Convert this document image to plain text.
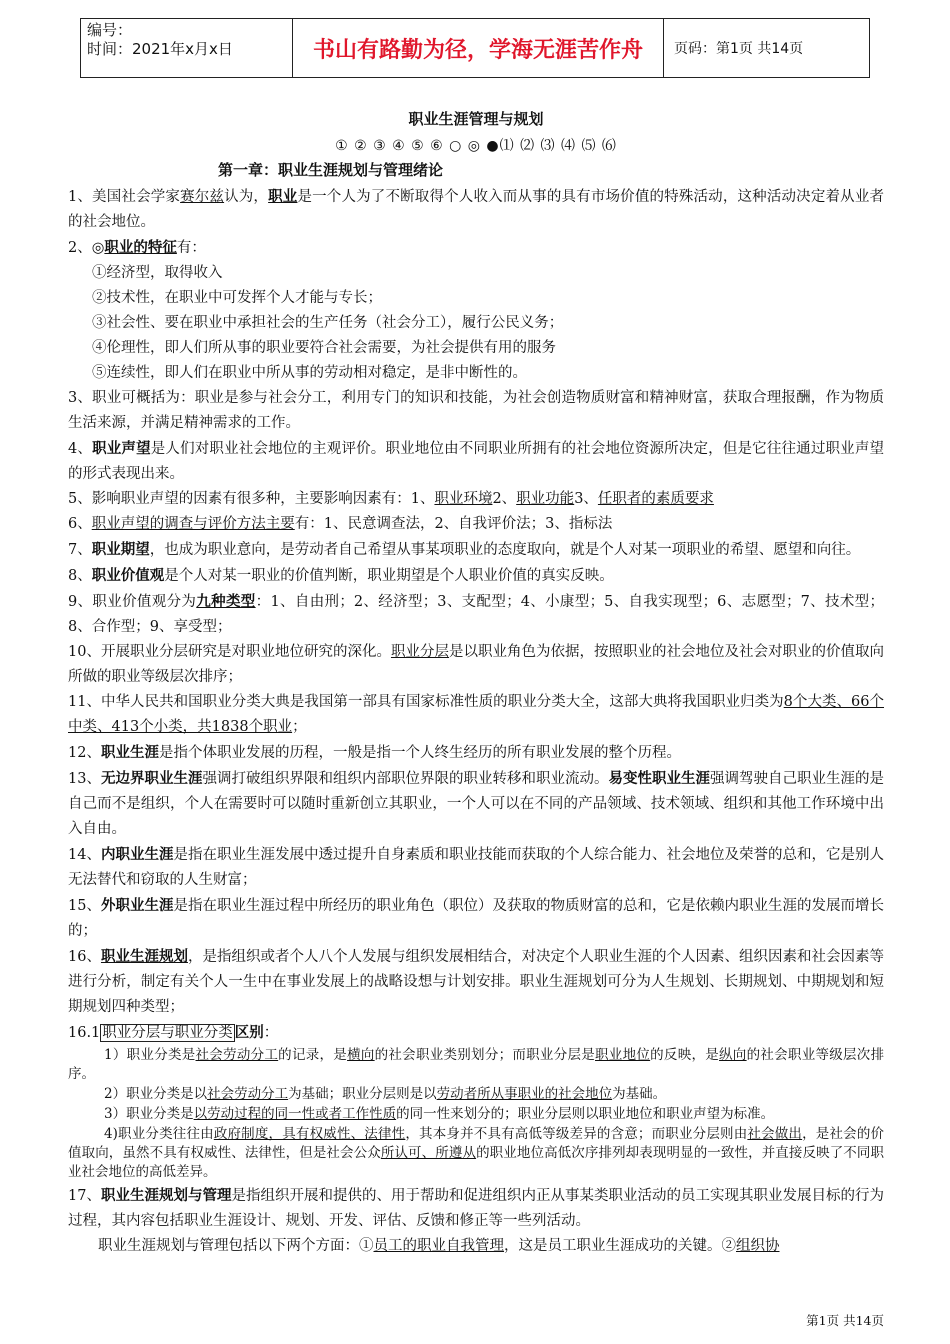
编号：
时间：2021年x月x日	书山有路勤为径，学海无涯苦作舟	页码：第1页 共14页
职业生涯管理与规划
① ② ③ ④ ⑤ ⑥ ○ ◎ ●⑴ ⑵ ⑶ ⑷ ⑸ ⑹
第一章：职业生涯规划与管理绪论

1、美国社会学家赛尔兹认为，职业是一个人为了不断取得个人收入而从事的具有市场价值的特殊活动，这种活动决定着从业者的社会地位。

2、◎职业的特征有：

①经济型，取得收入

②技术性，在职业中可发挥个人才能与专长；

③社会性、要在职业中承担社会的生产任务（社会分工），履行公民义务；

④伦理性，即人们所从事的职业要符合社会需要，为社会提供有用的服务

⑤连续性，即人们在职业中所从事的劳动相对稳定，是非中断性的。

3、职业可概括为：职业是参与社会分工，利用专门的知识和技能，为社会创造物质财富和精神财富，获取合理报酬，作为物质生活来源，并满足精神需求的工作。

4、职业声望是人们对职业社会地位的主观评价。职业地位由不同职业所拥有的社会地位资源所决定，但是它往往通过职业声望的形式表现出来。

5、影响职业声望的因素有很多种，主要影响因素有：1、职业环境2、职业功能3、任职者的素质要求

6、职业声望的调查与评价方法主要有：1、民意调查法，2、自我评价法；3、指标法

7、职业期望，也成为职业意向，是劳动者自己希望从事某项职业的态度取向，就是个人对某一项职业的希望、愿望和向往。

8、职业价值观是个人对某一职业的价值判断，职业期望是个人职业价值的真实反映。

9、职业价值观分为九种类型：1、自由刑；2、经济型；3、支配型；4、小康型；5、自我实现型；6、志愿型；7、技术型；8、合作型；9、享受型；

10、开展职业分层研究是对职业地位研究的深化。职业分层是以职业角色为依据，按照职业的社会地位及社会对职业的价值取向所做的职业等级层次排序；

11、中华人民共和国职业分类大典是我国第一部具有国家标准性质的职业分类大全，这部大典将我国职业归类为8个大类、66个中类、413个小类，共1838个职业；

12、职业生涯是指个体职业发展的历程，一般是指一个人终生经历的所有职业发展的整个历程。

13、无边界职业生涯强调打破组织界限和组织内部职位界限的职业转移和职业流动。易变性职业生涯强调驾驶自己职业生涯的是自己而不是组织，个人在需要时可以随时重新创立其职业，一个人可以在不同的产品领域、技术领域、组织和其他工作环境中出入自由。

14、内职业生涯是指在职业生涯发展中透过提升自身素质和职业技能而获取的个人综合能力、社会地位及荣誉的总和，它是别人无法替代和窃取的人生财富；

15、外职业生涯是指在职业生涯过程中所经历的职业角色（职位）及获取的物质财富的总和，它是依赖内职业生涯的发展而增长的；

16、职业生涯规划，是指组织或者个人八个人发展与组织发展相结合，对决定个人职业生涯的个人因素、组织因素和社会因素等进行分析，制定有关个人一生中在事业发展上的战略设想与计划安排。职业生涯规划可分为人生规划、长期规划、中期规划和短期规划四种类型；

16.1 职业分层与职业分类 区别：

1）职业分类是社会劳动分工的记录，是横向的社会职业类别划分；而职业分层是职业地位的反映，是纵向的社会职业等级层次排序。

2）职业分类是以社会劳动分工为基础；职业分层则是以劳动者所从事职业的社会地位为基础。

3）职业分类是以劳动过程的同一性或者工作性质的同一性来划分的；职业分层则以职业地位和职业声望为标准。

4)职业分类往往由政府制度，具有权威性、法律性，其本身并不具有高低等级差异的含意；而职业分层则由社会做出，是社会的价值取向，虽然不具有权威性、法律性，但是社会公众所认可、所遵从的职业地位高低次序排列却表现明显的一致性，并直接反映了不同职业社会地位的高低差异。

17、职业生涯规划与管理是指组织开展和提供的、用于帮助和促进组织内正从事某类职业活动的员工实现其职业发展目标的行为过程，其内容包括职业生涯设计、规划、开发、评估、反馈和修正等一些列活动。

职业生涯规划与管理包括以下两个方面：①员工的职业自我管理，这是员工职业生涯成功的关键。②组织协

第1页 共14页
